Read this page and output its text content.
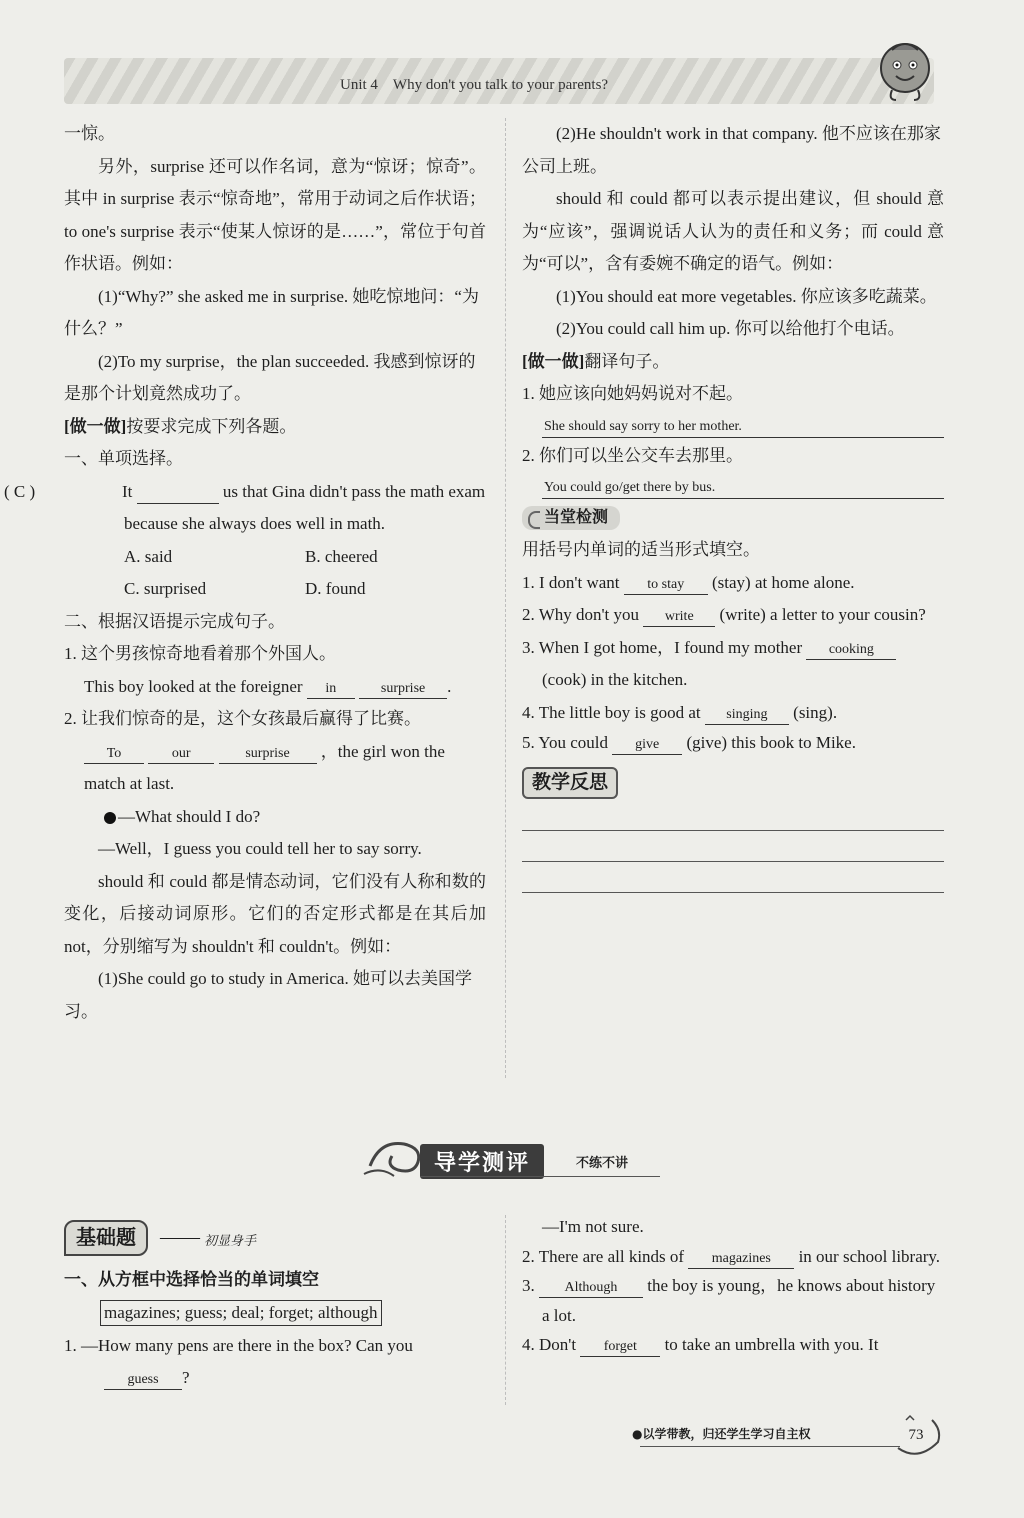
Unit 4　Why don't you talk to your parents?

一惊。

另外，surprise 还可以作名词，意为“惊讶；惊奇”。其中 in surprise 表示“惊奇地”，常用于动词之后作状语；to one's surprise 表示“使某人惊讶的是……”，常位于句首作状语。例如：

(1)“Why?” she asked me in surprise. 她吃惊地问：“为什么？”

(2)To my surprise，the plan succeeded. 我感到惊讶的是那个计划竟然成功了。

[做一做]按要求完成下列各题。

一、单项选择。

( C )	It	us that Gina didn't pass the math exam because she always does well in math.

A. said	B. cheered
C. surprised	D. found

二、根据汉语提示完成句子。

1. 这个男孩惊奇地看着那个外国人。

This boy looked at the foreigner in	surprise .

2. 让我们惊奇的是，这个女孩最后赢得了比赛。

To	our	surprise ，the girl won the match at last.

—What should I do?

—Well，I guess you could tell her to say sorry.

should 和 could 都是情态动词，它们没有人称和数的变化，后接动词原形。它们的否定形式都是在其后加 not，分别缩写为 shouldn't 和 couldn't。例如：

(1)She could go to study in America. 她可以去美国学习。

(2)He shouldn't work in that company. 他不应该在那家公司上班。

should 和 could 都可以表示提出建议，但 should 意为“应该”，强调说话人认为的责任和义务；而 could 意为“可以”，含有委婉不确定的语气。例如：

(1)You should eat more vegetables. 你应该多吃蔬菜。

(2)You could call him up. 你可以给他打个电话。

[做一做]翻译句子。

1. 她应该向她妈妈说对不起。

She should say sorry to her mother.

2. 你们可以坐公交车去那里。

You could go/get there by bus.
当堂检测

用括号内单词的适当形式填空。

1. I don't want to stay (stay) at home alone.

2. Why don't you write (write) a letter to your cousin?

3. When I got home，I found my mother cooking (cook) in the kitchen.

4. The little boy is good at singing (sing).

5. You could give (give) this book to Mike.

教学反思
导学测评	不练不讲
基础题	—— 初显身手

一、从方框中选择恰当的单词填空

magazines; guess; deal; forget; although

1. —How many pens are there in the box? Can you guess ?

—I'm not sure.

2. There are all kinds of magazines in our school library.

3. Although the boy is young，he knows about history a lot.

4. Don't forget to take an umbrella with you. It

●以学带教，归还学生学习自主权	73
